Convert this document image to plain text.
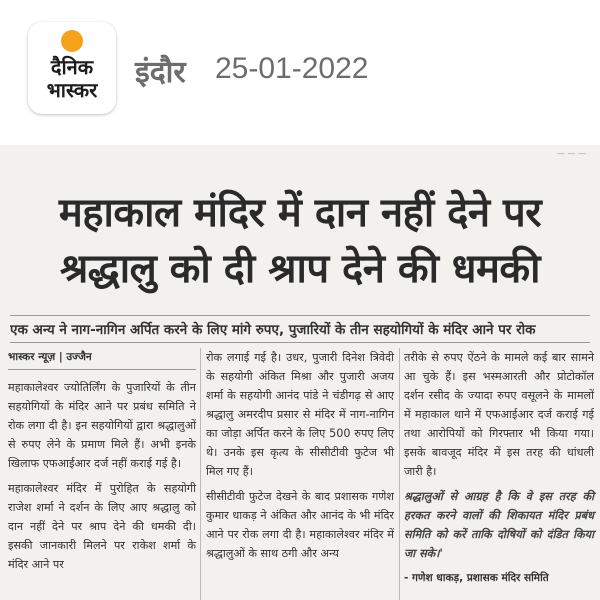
दैनिक
भास्कर	इंदौर 25-01-2022
— — —
महाकाल मंदिर में दान नहीं देने पर
श्रद्धालु को दी श्राप देने की धमकी
एक अन्य ने नाग-नागिन अर्पित करने के लिए मांगे रुपए, पुजारियों के तीन सहयोगियों के मंदिर आने पर रोक
भास्कर न्यूज़ | उज्जैन

महाकालेश्वर ज्योतिर्लिंग के पुजारियों के तीन सहयोगियों के मंदिर आने पर प्रबंध समिति ने रोक लगा दी है। इन सहयोगियों द्वारा श्रद्धालुओं से रुपए लेने के प्रमाण मिले हैं। अभी इनके खिलाफ एफआईआर दर्ज नहीं कराई गई है।

महाकालेश्वर मंदिर में पुरोहित के सहयोगी राजेश शर्मा ने दर्शन के लिए आए श्रद्धालु को दान नहीं देने पर श्राप देने की धमकी दी। इसकी जानकारी मिलने पर राकेश शर्मा के मंदिर आने पर

रोक लगाई गई है। उधर, पुजारी दिनेश त्रिवेदी के सहयोगी अंकित मिश्रा और पुजारी अजय शर्मा के सहयोगी आनंद पांडे ने चंडीगढ़ से आए श्रद्धालु अमरदीप प्रसार से मंदिर में नाग-नागिन का जोड़ा अर्पित करने के लिए 500 रुपए लिए थे। उनके इस कृत्य के सीसीटीवी फुटेज भी मिल गए हैं।

सीसीटीवी फुटेज देखने के बाद प्रशासक गणेश कुमार धाकड़ ने अंकित और आनंद के भी मंदिर आने पर रोक लगा दी है। महाकालेश्वर मंदिर में श्रद्धालुओं के साथ ठगी और अन्य

तरीके से रुपए ऐंठने के मामले कई बार सामने आ चुके हैं। इस भस्मआरती और प्रोटोकॉल दर्शन रसीद के ज्यादा रुपए वसूलने के मामलों में महाकाल थाने में एफआईआर दर्ज कराई गई तथा आरोपियों को गिरफ्तार भी किया गया। इसके बावजूद मंदिर में इस तरह की धांधली जारी है।

श्रद्धालुओं से आग्रह है कि वे इस तरह की हरकत करने वालों की शिकायत मंदिर प्रबंध समिति को करें ताकि दोषियों को दंडित किया जा सके।'

- गणेश धाकड़, प्रशासक मंदिर समिति
